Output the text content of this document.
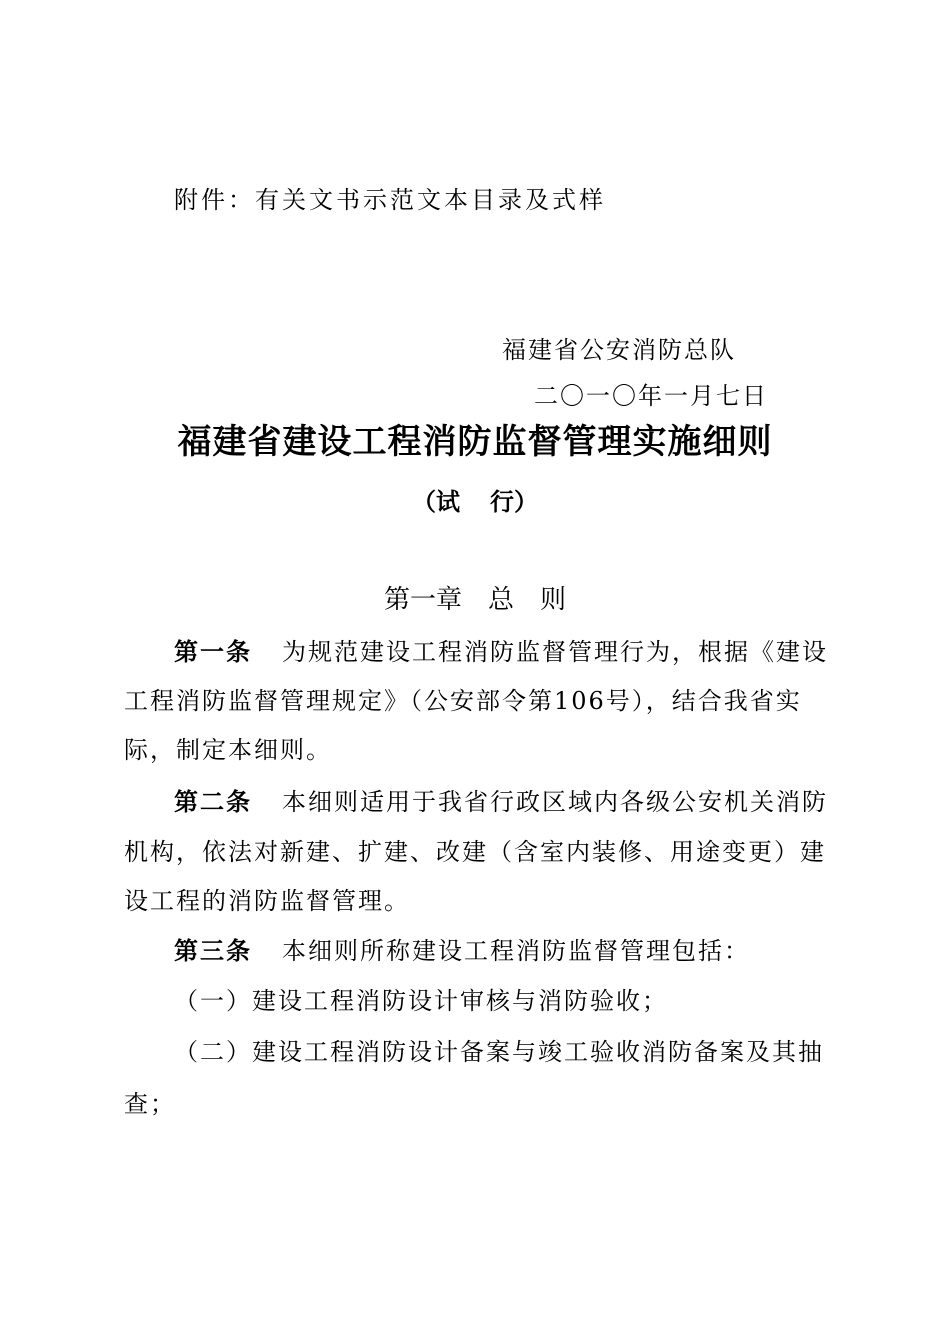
附件：有关文书示范文本目录及式样
福建省公安消防总队
二〇一〇年一月七日
福建省建设工程消防监督管理实施细则
（试 行）
第一章 总 则
第一条 为规范建设工程消防监督管理行为，根据《建设
工程消防监督管理规定》（公安部令第106号），结合我省实
际，制定本细则。
第二条 本细则适用于我省行政区域内各级公安机关消防
机构，依法对新建、扩建、改建（含室内装修、用途变更）建
设工程的消防监督管理。
第三条 本细则所称建设工程消防监督管理包括：
（一）建设工程消防设计审核与消防验收；
（二）建设工程消防设计备案与竣工验收消防备案及其抽
查；
